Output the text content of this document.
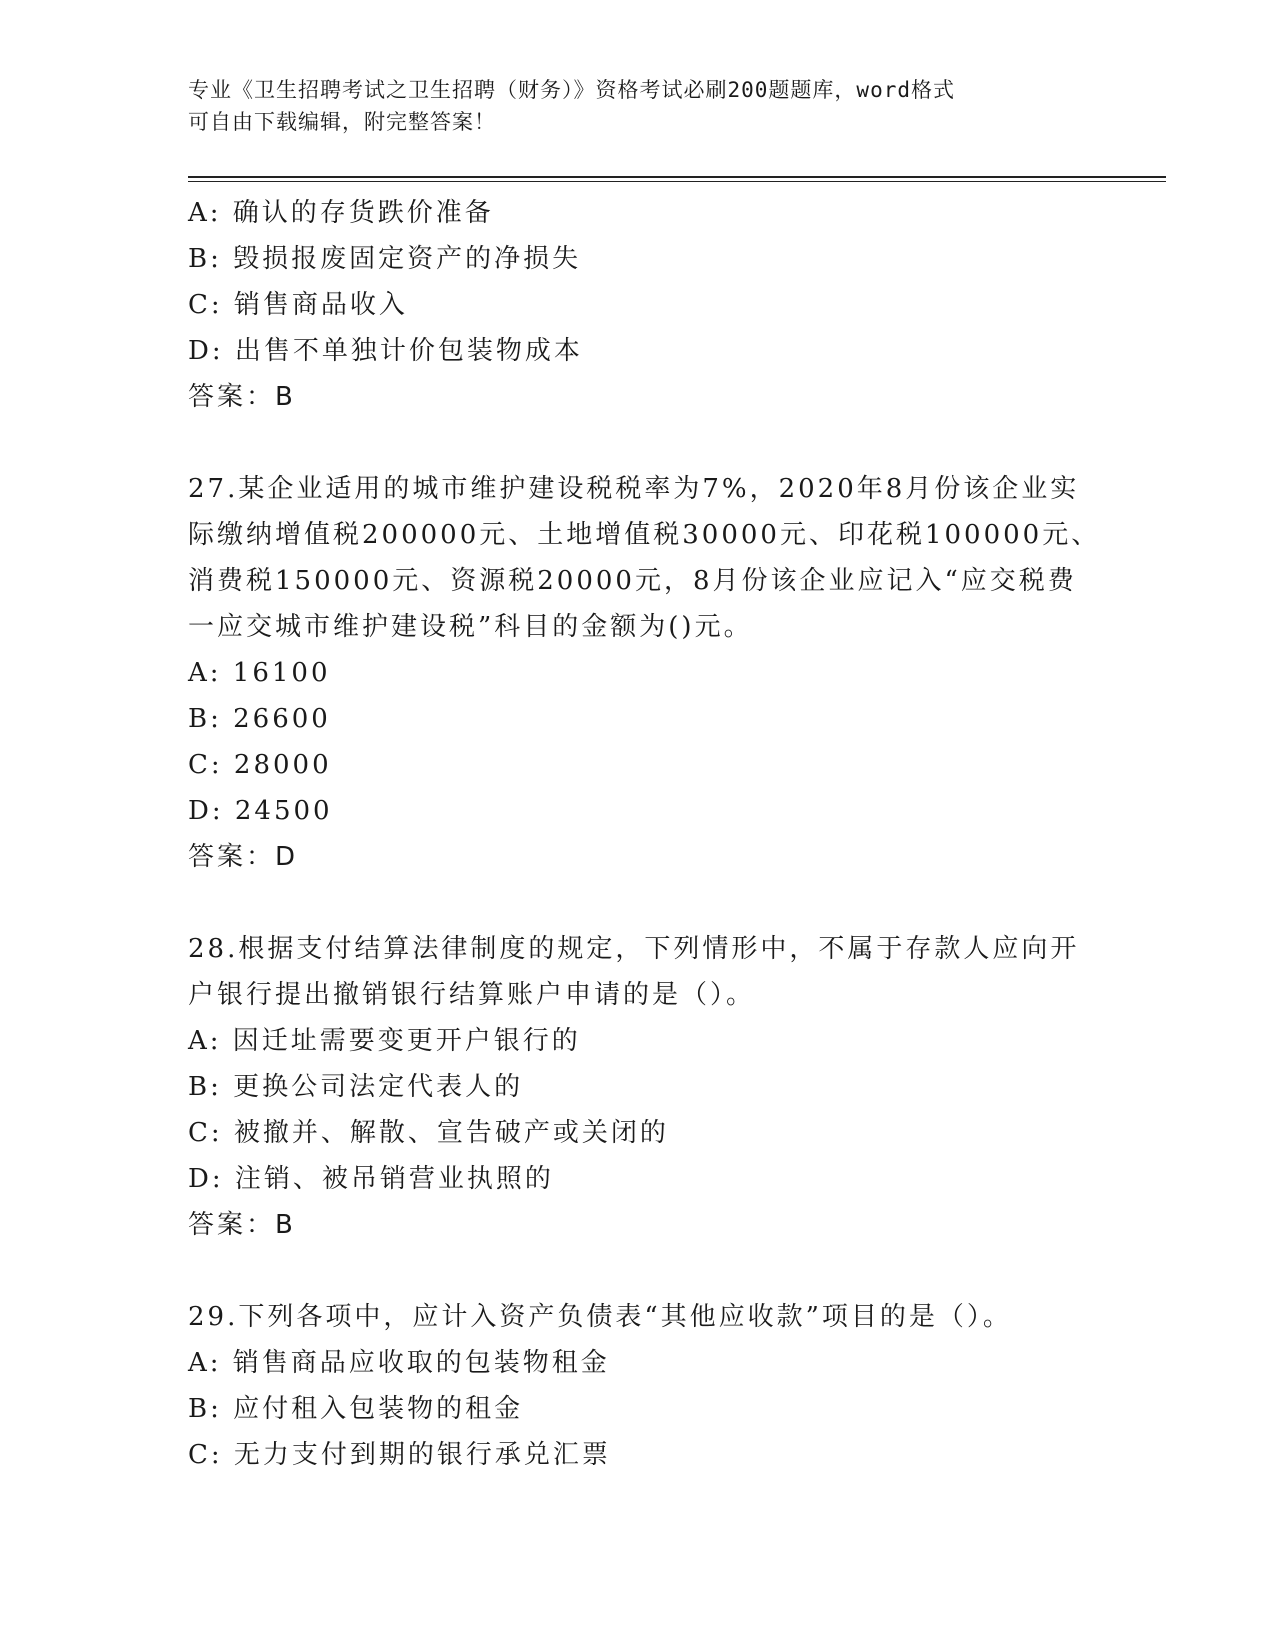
专业《卫生招聘考试之卫生招聘（财务）》资格考试必刷200题题库，word格式
可自由下载编辑，附完整答案！
A: 确认的存货跌价准备
B: 毁损报废固定资产的净损失
C: 销售商品收入
D: 出售不单独计价包装物成本
答案：B
27.某企业适用的城市维护建设税税率为7%，2020年8月份该企业实
际缴纳增值税200000元、土地增值税30000元、印花税100000元、
消费税150000元、资源税20000元，8月份该企业应记入“应交税费
一应交城市维护建设税”科目的金额为()元。
A: 16100
B: 26600
C: 28000
D: 24500
答案：D
28.根据支付结算法律制度的规定，下列情形中，不属于存款人应向开
户银行提出撤销银行结算账户申请的是（）。
A: 因迁址需要变更开户银行的
B: 更换公司法定代表人的
C: 被撤并、解散、宣告破产或关闭的
D: 注销、被吊销营业执照的
答案：B
29.下列各项中，应计入资产负债表“其他应收款”项目的是（）。
A: 销售商品应收取的包装物租金
B: 应付租入包装物的租金
C: 无力支付到期的银行承兑汇票
